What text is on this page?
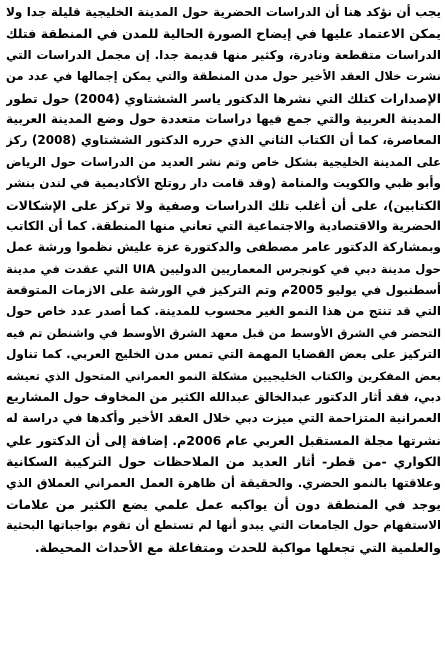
يجب أن نؤكد هنا أن الدراسات الحضرية حول المدينة الخليجية قليلة جدا ولا
يمكن الاعتماد عليها في إيضاح الصورة الحالية للمدن في المنطقة فتلك
الدراسات متقطعة ونادرة، وكثير منها قديمة جدا. إن مجمل الدراسات التي
نشرت خلال العقد الأخير حول مدن المنطقة والتي يمكن إجمالها في عدد من
الإصدارات كتلك التي نشرها الدكتور ياسر الششتاوي (2004) حول تطور
المدينة العربية والتي جمع فيها دراسات متعددة حول وضع المدينة العربية
المعاصرة، كما أن الكتاب الثاني الذي حرره الدكتور الششتاوي (2008) ركز
على المدينة الخليجية بشكل خاص وتم نشر العديد من الدراسات حول الرياض
وأبو ظبي والكويت والمنامة (وقد قامت دار روتلج الأكاديمية في لندن بنشر
الكتابين)، على أن أغلب تلك الدراسات وصفية ولا تركز على الإشكالات
الحضرية والاقتصادية والاجتماعية التي تعاني منها المنطقة. كما أن الكاتب
وبمشاركة الدكتور عامر مصطفى والدكتورة عزة عليش نظموا ورشة عمل
حول مدينة دبي في كونجرس المعماريين الدوليين UIA التي عقدت في مدينة
أسطنبول في يوليو 2005م وتم التركيز في الورشة على الازمات المتوقعة
التي قد تنتج من هذا النمو الغير محسوب للمدينة. كما أصدر عدد خاص حول
التحضر في الشرق الأوسط من قبل معهد الشرق الأوسط في واشنطن تم فيه
التركيز على بعض القضايا المهمة التي تمس مدن الخليج العربي. كما تناول
بعض المفكرين والكتاب الخليجيين مشكلة النمو العمراني المتحول الذي تعيشه
دبي، فقد أثار الدكتور عبدالخالق عبدالله الكثير من المخاوف حول المشاريع
العمرانية المتزاحمة التي ميزت دبي خلال العقد الأخير وأكدها في دراسة له
نشرتها مجلة المستقبل العربي عام 2006م. إضافة إلى أن الدكتور علي
الكواري -من قطر- أثار العديد من الملاحظات حول التركيبة السكانية
وعلاقتها بالنمو الحضري. والحقيقة أن ظاهرة العمل العمراني العملاق الذي
يوجد في المنطقة دون أن يواكبه عمل علمي يضع الكثير من علامات
الاستفهام حول الجامعات التي يبدو أنها لم تستطع أن تقوم بواجباتها البحثية
والعلمية التي تجعلها مواكبة للحدث ومتفاعلة مع الأحداث المحيطة.
